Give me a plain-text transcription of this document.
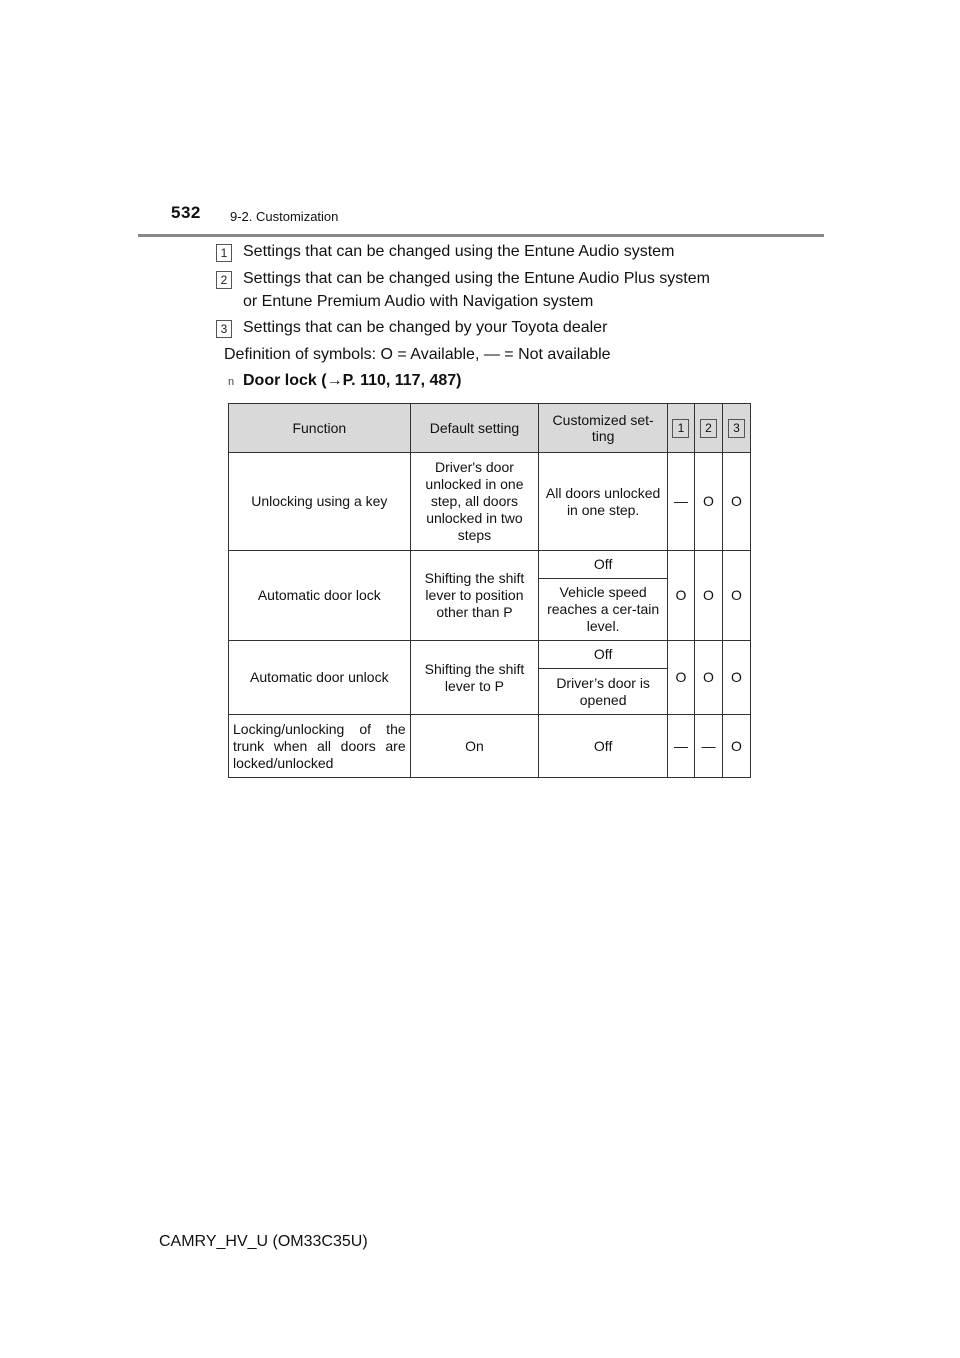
532 9-2. Customization
1 Settings that can be changed using the Entune Audio system
2 Settings that can be changed using the Entune Audio Plus system
or Entune Premium Audio with Navigation system
3 Settings that can be changed by your Toyota dealer
Definition of symbols: O = Available, — = Not available
n Door lock (→P. 110, 117, 487)
Function	Default setting	Customized set-ting	1	2	3
Unlocking using a key	Driver's door unlocked in one step, all doors unlocked in two steps	All doors unlocked in one step.	—	O	O
Automatic door lock	Shifting the shift lever to position other than P	Off	O	O	O
		Vehicle speed reaches a cer-tain level.			
Automatic door unlock	Shifting the shift lever to P	Off	O	O	O
		Driver’s door is opened			
Locking/unlocking of the trunk when all doors are locked/unlocked	On	Off	—	—	O
CAMRY_HV_U (OM33C35U)
